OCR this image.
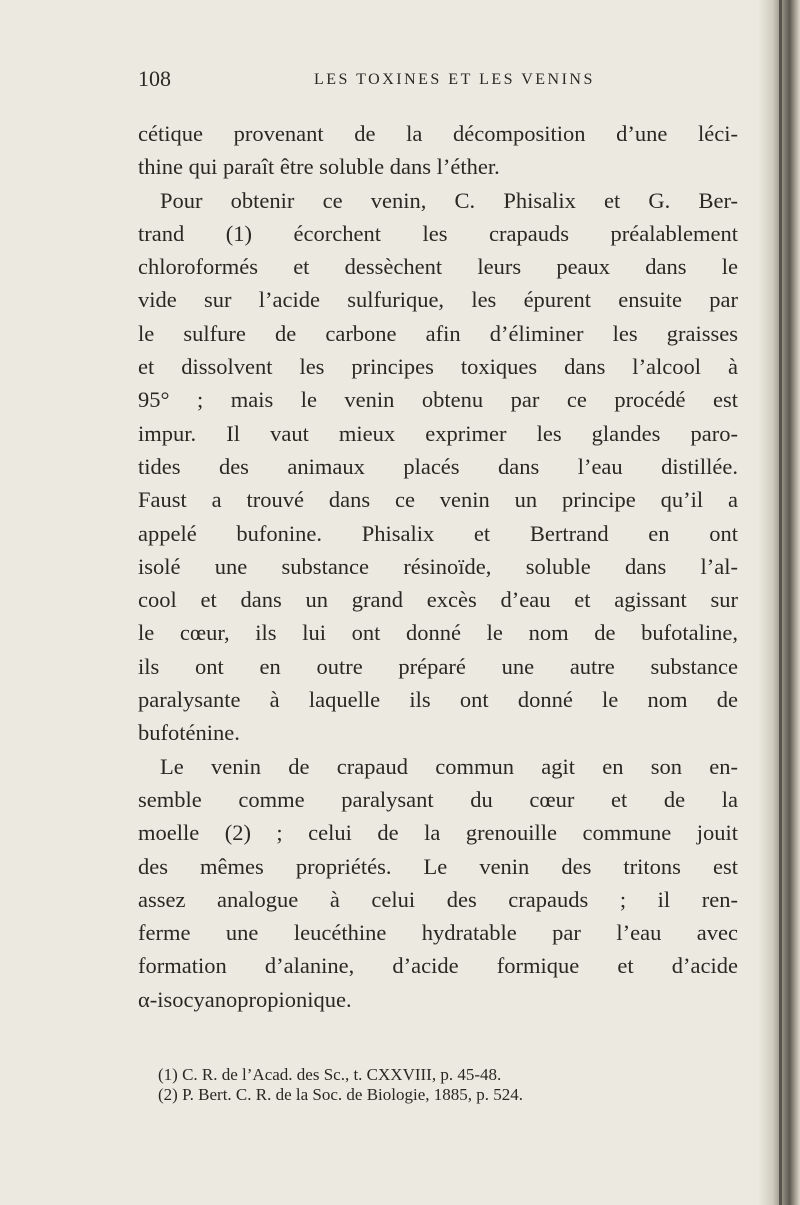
108	LES TOXINES ET LES VENINS
cétique provenant de la décomposition d’une léci-
thine qui paraît être soluble dans l’éther.
Pour obtenir ce venin, C. Phisalix et G. Ber-
trand (1) écorchent les crapauds préalablement
chloroformés et dessèchent leurs peaux dans le
vide sur l’acide sulfurique, les épurent ensuite par
le sulfure de carbone afin d’éliminer les graisses
et dissolvent les principes toxiques dans l’alcool à
95° ; mais le venin obtenu par ce procédé est
impur. Il vaut mieux exprimer les glandes paro-
tides des animaux placés dans l’eau distillée.
Faust a trouvé dans ce venin un principe qu’il a
appelé bufonine. Phisalix et Bertrand en ont
isolé une substance résinoïde, soluble dans l’al-
cool et dans un grand excès d’eau et agissant sur
le cœur, ils lui ont donné le nom de bufotaline,
ils ont en outre préparé une autre substance
paralysante à laquelle ils ont donné le nom de
bufoténine.
Le venin de crapaud commun agit en son en-
semble comme paralysant du cœur et de la
moelle (2) ; celui de la grenouille commune jouit
des mêmes propriétés. Le venin des tritons est
assez analogue à celui des crapauds ; il ren-
ferme une leucéthine hydratable par l’eau avec
formation d’alanine, d’acide formique et d’acide
α-isocyanopropionique.
(1) C. R. de l’Acad. des Sc., t. CXXVIII, p. 45-48.
(2) P. Bert. C. R. de la Soc. de Biologie, 1885, p. 524.
